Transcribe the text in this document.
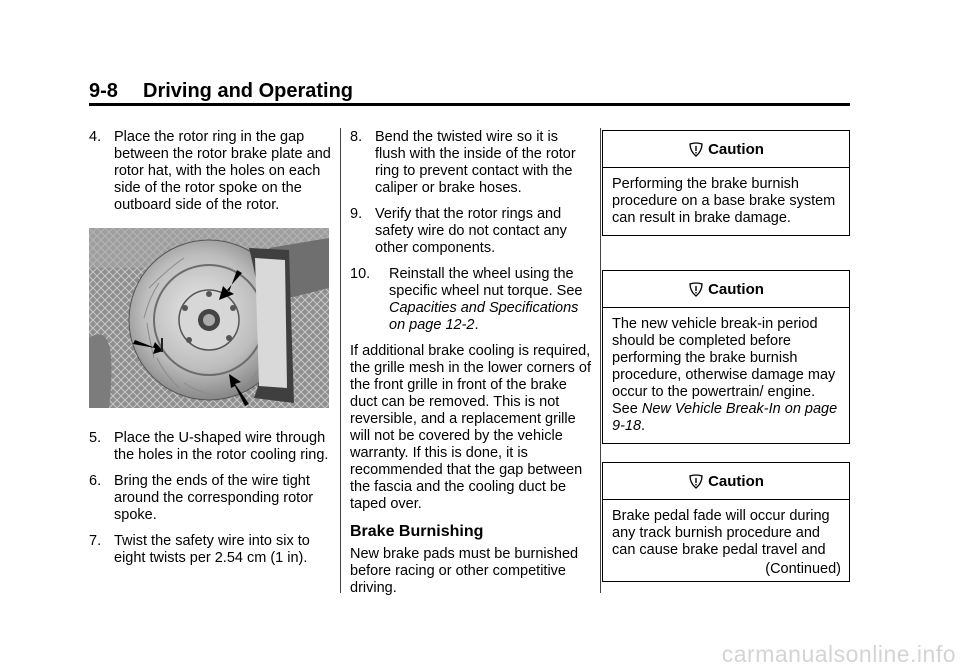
9-8 Driving and Operating
4. Place the rotor ring in the gap between the rotor brake plate and rotor hat, with the holes on each side of the rotor spoke on the outboard side of the rotor.
5. Place the U-shaped wire through the holes in the rotor cooling ring.
6. Bring the ends of the wire tight around the corresponding rotor spoke.
7. Twist the safety wire into six to eight twists per 2.54 cm (1 in).
8. Bend the twisted wire so it is flush with the inside of the rotor ring to prevent contact with the caliper or brake hoses.
9. Verify that the rotor rings and safety wire do not contact any other components.
10. Reinstall the wheel using the specific wheel nut torque. See Capacities and Specifications on page 12-2.

If additional brake cooling is required, the grille mesh in the lower corners of the front grille in front of the brake duct can be removed. This is not reversible, and a replacement grille will not be covered by the vehicle warranty. If this is done, it is recommended that the gap between the fascia and the cooling duct be taped over.

Brake Burnishing

New brake pads must be burnished before racing or other competitive driving.

Caution
Performing the brake burnish procedure on a base brake system can result in brake damage.
Caution
The new vehicle break-in period should be completed before performing the brake burnish procedure, otherwise damage may occur to the powertrain/ engine. See New Vehicle Break-In on page 9-18.
Caution
Brake pedal fade will occur during any track burnish procedure and can cause brake pedal travel and
(Continued)
carmanualsonline.info
